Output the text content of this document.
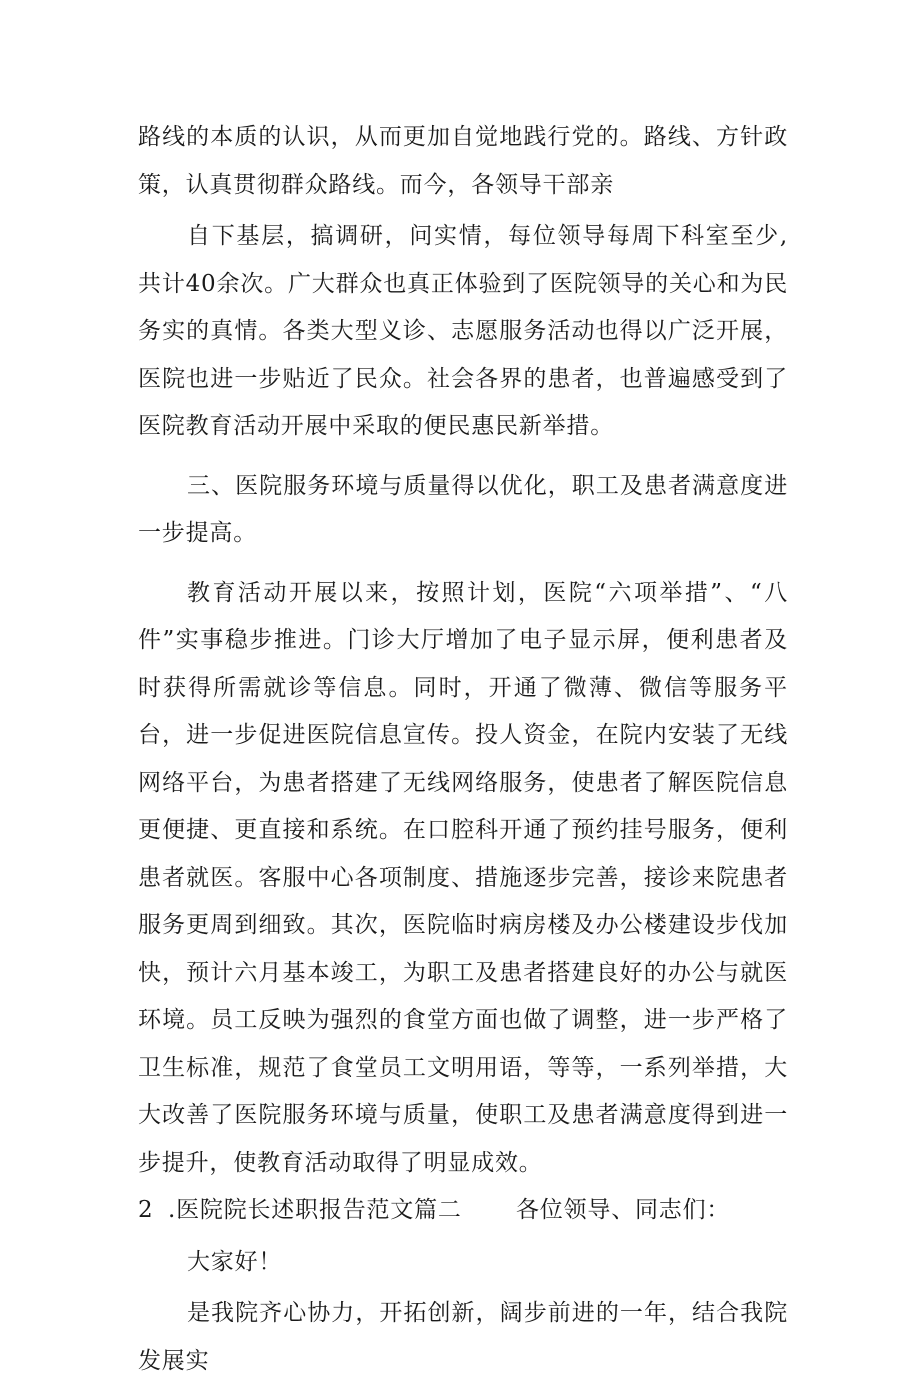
路线的本质的认识，从而更加自觉地践行党的。路线、方针政策，认真贯彻群众路线。而今，各领导干部亲

自下基层，搞调研，问实情，每位领导每周下科室至少,共计40余次。广大群众也真正体验到了医院领导的关心和为民务实的真情。各类大型义诊、志愿服务活动也得以广泛开展，医院也进一步贴近了民众。社会各界的患者，也普遍感受到了医院教育活动开展中采取的便民惠民新举措。

三、医院服务环境与质量得以优化，职工及患者满意度进一步提高。

教育活动开展以来，按照计划，医院“六项举措”、“八件”实事稳步推进。门诊大厅增加了电子显示屏，便利患者及时获得所需就诊等信息。同时，开通了微薄、微信等服务平台，进一步促进医院信息宣传。投人资金，在院内安装了无线网络平台，为患者搭建了无线网络服务，使患者了解医院信息更便捷、更直接和系统。在口腔科开通了预约挂号服务，便利患者就医。客服中心各项制度、措施逐步完善，接诊来院患者服务更周到细致。其次，医院临时病房楼及办公楼建设步伐加快，预计六月基本竣工，为职工及患者搭建良好的办公与就医环境。员工反映为强烈的食堂方面也做了调整，进一步严格了卫生标准，规范了食堂员工文明用语，等等，一系列举措，大大改善了医院服务环境与质量，使职工及患者满意度得到进一步提升，使教育活动取得了明显成效。

2 .医院院长述职报告范文篇二 各位领导、同志们：

大家好！

是我院齐心协力，开拓创新，阔步前进的一年，结合我院发展实
